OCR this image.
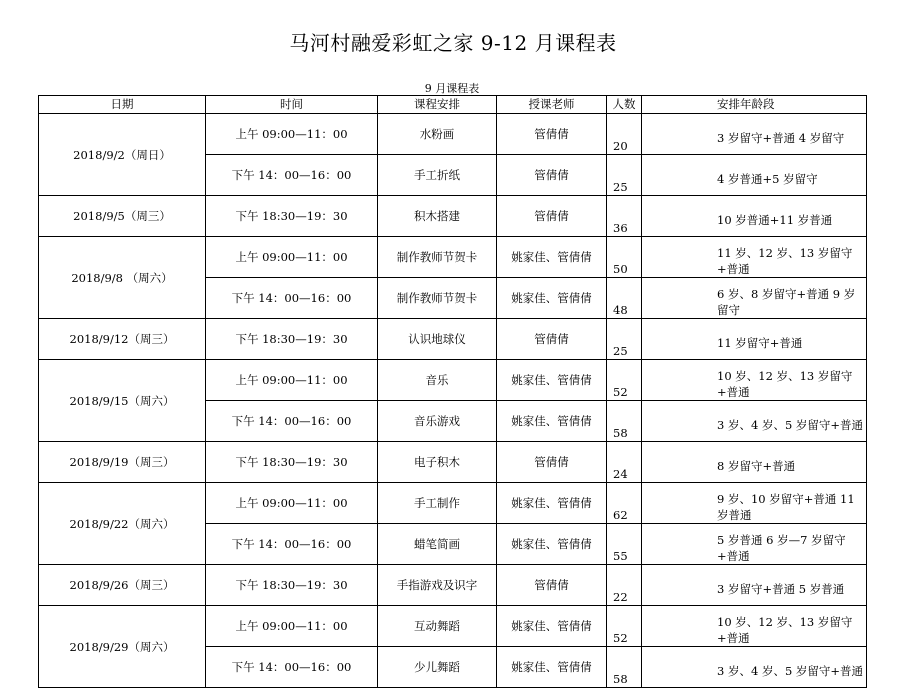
马河村融爱彩虹之家 9-12 月课程表
9 月课程表
日期	时间	课程安排	授课老师	人数	安排年龄段
2018/9/2（周日）	上午 09:00—11：00	水粉画	管倩倩	20	3 岁留守+普通 4 岁留守
	下午 14：00—16：00	手工折纸	管倩倩	25	4 岁普通+5 岁留守
2018/9/5（周三）	下午 18:30—19：30	积木搭建	管倩倩	36	10 岁普通+11 岁普通
2018/9/8 （周六）	上午 09:00—11：00	制作教师节贺卡	姚家佳、管倩倩	50	11 岁、12 岁、13 岁留守+普通
	下午 14：00—16：00	制作教师节贺卡	姚家佳、管倩倩	48	6 岁、8 岁留守+普通 9 岁留守
2018/9/12（周三）	下午 18:30—19：30	认识地球仪	管倩倩	25	11 岁留守+普通
2018/9/15（周六）	上午 09:00—11：00	音乐	姚家佳、管倩倩	52	10 岁、12 岁、13 岁留守+普通
	下午 14：00—16：00	音乐游戏	姚家佳、管倩倩	58	3 岁、4 岁、5 岁留守+普通
2018/9/19（周三）	下午 18:30—19：30	电子积木	管倩倩	24	8 岁留守+普通
2018/9/22（周六）	上午 09:00—11：00	手工制作	姚家佳、管倩倩	62	9 岁、10 岁留守+普通 11 岁普通
	下午 14：00—16：00	蜡笔简画	姚家佳、管倩倩	55	5 岁普通 6 岁—7 岁留守+普通
2018/9/26（周三）	下午 18:30—19：30	手指游戏及识字	管倩倩	22	3 岁留守+普通 5 岁普通
2018/9/29（周六）	上午 09:00—11：00	互动舞蹈	姚家佳、管倩倩	52	10 岁、12 岁、13 岁留守+普通
	下午 14：00—16：00	少儿舞蹈	姚家佳、管倩倩	58	3 岁、4 岁、5 岁留守+普通
